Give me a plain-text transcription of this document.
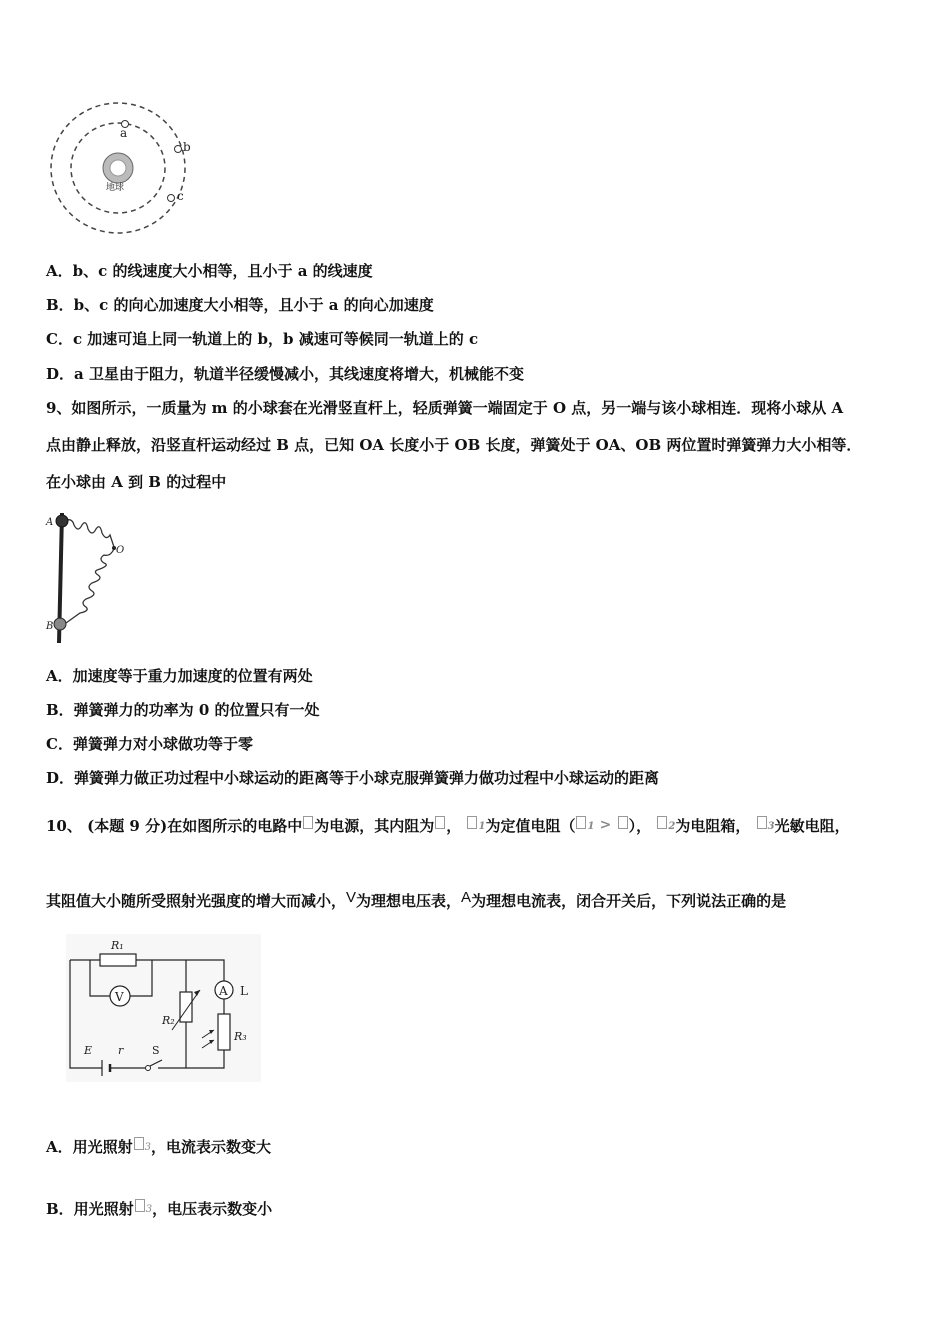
地球
a
b
c
A．b、c 的线速度大小相等，且小于 a 的线速度
B．b、c 的向心加速度大小相等，且小于 a 的向心加速度
C．c 加速可追上同一轨道上的 b，b 减速可等候同一轨道上的 c
D．a 卫星由于阻力，轨道半径缓慢减小，其线速度将增大，机械能不变
9、如图所示，一质量为 m 的小球套在光滑竖直杆上，轻质弹簧一端固定于 O 点，另一端与该小球相连．现将小球从 A
点由静止释放，沿竖直杆运动经过 B 点，已知 OA 长度小于 OB 长度，弹簧处于 OA、OB 两位置时弹簧弹力大小相等．
在小球由 A 到 B 的过程中
A
B
O
A．加速度等于重力加速度的位置有两处
B．弹簧弹力的功率为 0 的位置只有一处
C．弹簧弹力对小球做功等于零
D．弹簧弹力做正功过程中小球运动的距离等于小球克服弹簧弹力做功过程中小球运动的距离
10、 (本题 9 分)在如图所示的电路中 为电源，其内阻为 ， $^1$为定值电阻（ $^1$ > ）， $^2$为电阻箱， $^3$光敏电阻，
其阻值大小随所受照射光强度的增大而减小，V为理想电压表，A为理想电流表，闭合开关后，下列说法正确的是
R₁
V	A L
R₂
R₃
E r	S
A．用光照射 $^3$，电流表示数变大
B．用光照射 $^3$，电压表示数变小
